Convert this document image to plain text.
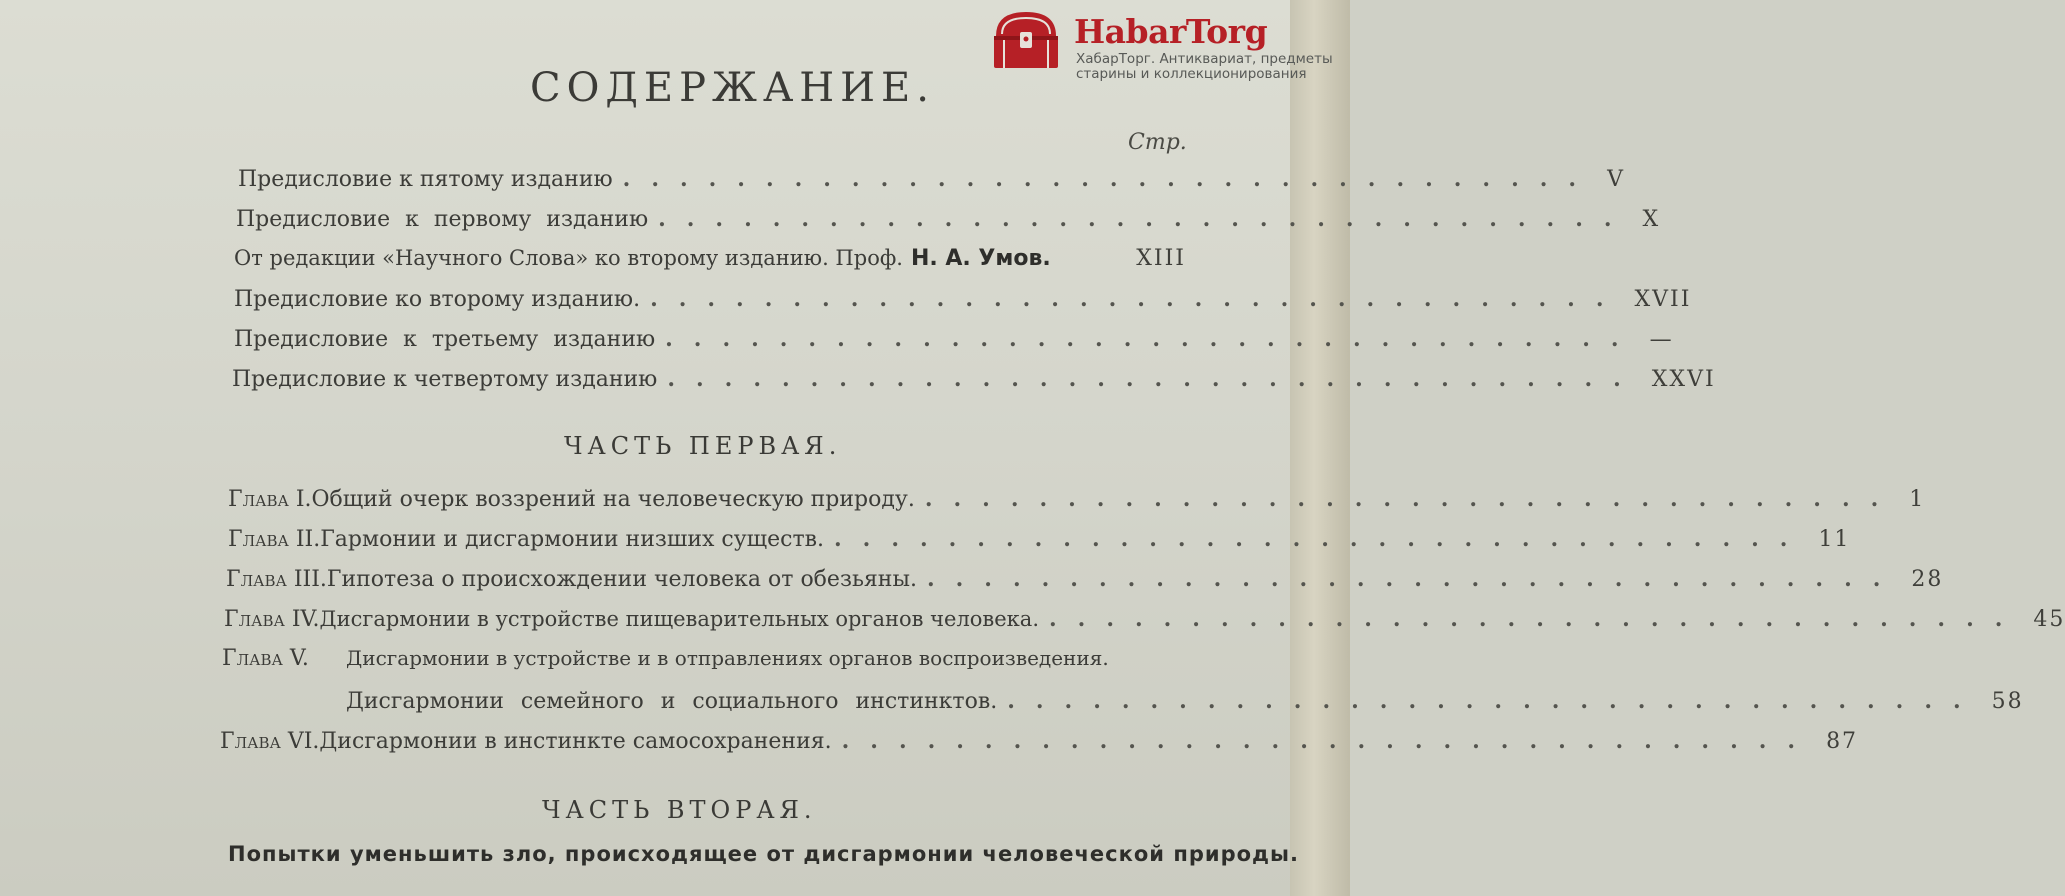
HabarTorg
ХабарТорг. Антиквариат, предметы старины и коллекционирования
СОДЕРЖАНИЕ.
Стр.
Предисловие к пятому изданию .................................. V
Предисловие к первому изданию .................................. X
От редакции «Научного Слова» ко второму изданию. Проф. Н. А. Умов.	XIII
Предисловие ко второму изданию. .................................. XVII
Предисловие к третьему изданию .................................. —
Предисловие к четвертому изданию .................................. XXVI
ЧАСТЬ ПЕРВАЯ.
Глава I. Общий очерк воззрений на человеческую природу. .................................. 1
Глава II. Гармонии и дисгармонии низших существ. .................................. 11
Глава III. Гипотеза о происхождении человека от обезьяны. .................................. 28
Глава IV. Дисгармонии в устройстве пищеварительных органов человека. .................................. 45
Глава V.	Дисгармонии в устройстве и в отправлениях органов воспроизведения.
Дисгармонии семейного и социального инстинктов. .................................. 58
Глава VI. Дисгармонии в инстинкте самосохранения. .................................. 87
ЧАСТЬ ВТОРАЯ.
Попытки уменьшить зло, происходящее от дисгармонии человеческой природы.
